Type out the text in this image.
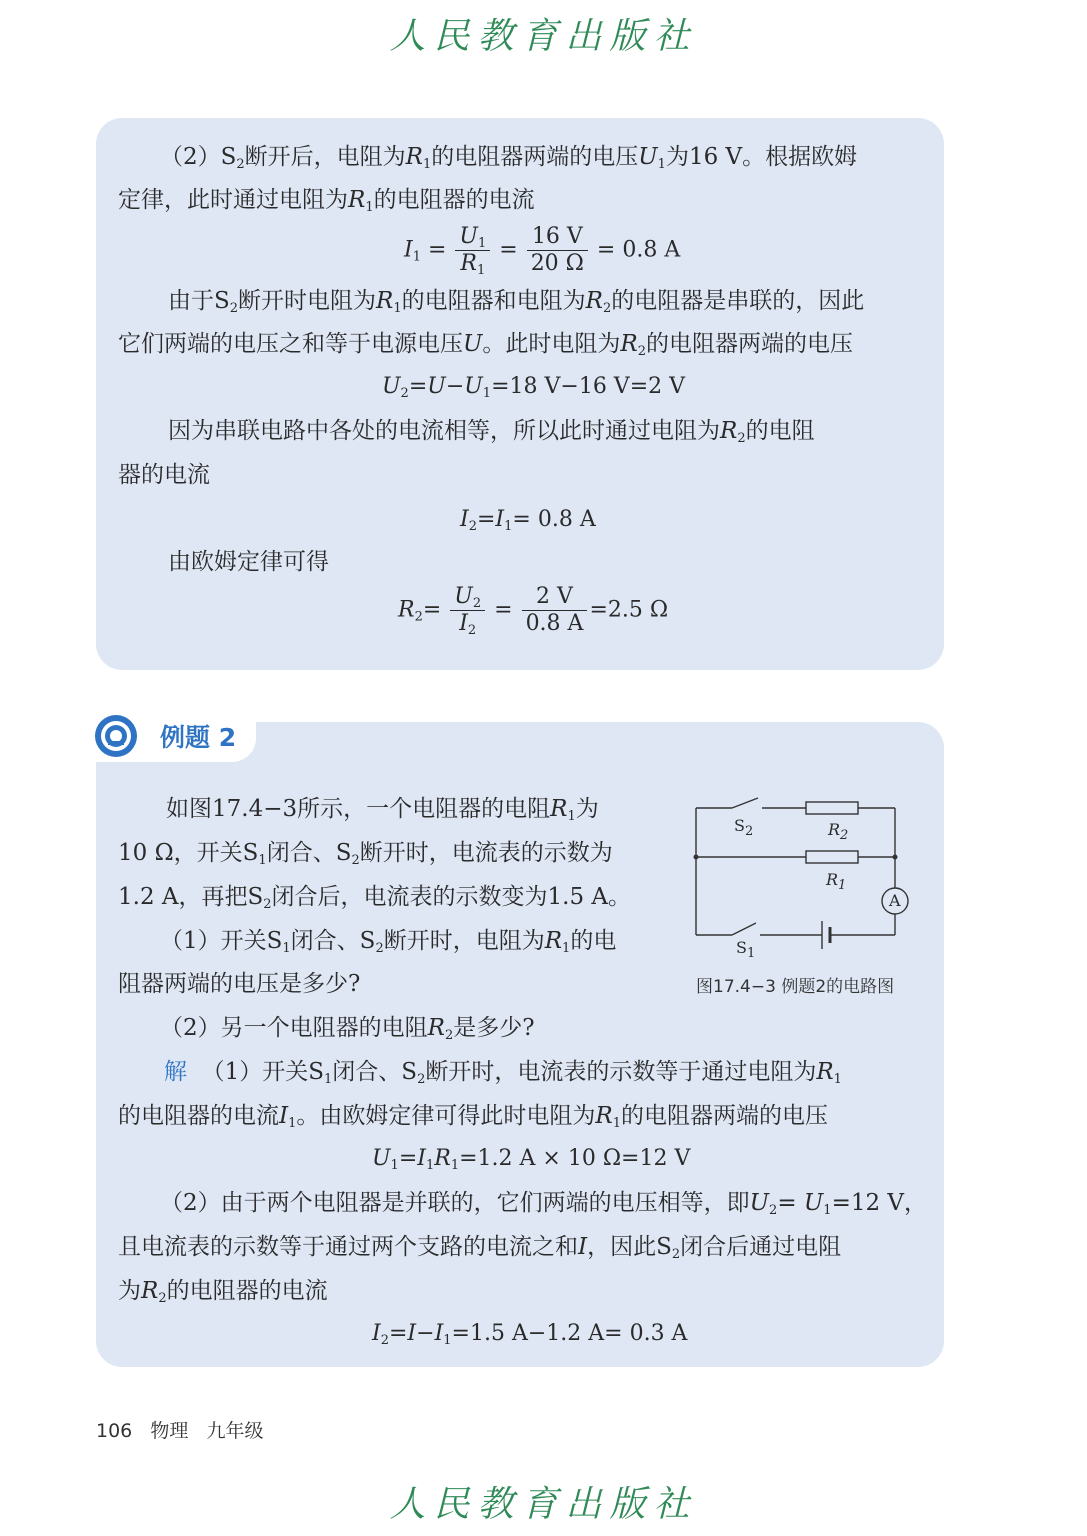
人民教育出版社
$(2)S_2$断开后，电阻为$R_1$的电阻器两端的电压$U_1$为16 V。根据欧姆
定律，此时通过电阻为$R_1$的电阻器的电流
$I_1 = \frac{U_1}{R_1} = \frac{16 V}{20 \Omega} = 0.8$ A
由于$S_2$断开时电阻为$R_1$的电阻器和电阻为$R_2$的电阻器是串联的，因此
它们两端的电压之和等于电源电压U。此时电阻为$R_2$的电阻器两端的电压
$U_2=U-U_1=18$ V−16 V=2 V
因为串联电路中各处的电流相等，所以此时通过电阻为$R_2$的电阻
器的电流
$I_2=I_1= 0.8$ A
由欧姆定律可得
$R_2= \frac{U_2}{I_2} = \frac{2 V}{0.8 A} =2.5$ Ω
例题 2
如图17.4−3所示，一个电阻器的电阻$R_1$为
10 Ω，开关$S_1$闭合、$S_2$断开时，电流表的示数为
1.2 A，再把$S_2$闭合后，电流表的示数变为1.5 A。
（1）开关$S_1$闭合、$S_2$断开时，电阻为$R_1$的电
阻器两端的电压是多少?
（2）另一个电阻器的电阻$R_2$是多少?
$S_2$	$R_2$
$R_1$
A
$S_1$
图17.4−3 例题2的电路图
解 （1）开关$S_1$闭合、$S_2$断开时，电流表的示数等于通过电阻为$R_1$
的电阻器的电流$I_1$。由欧姆定律可得此时电阻为$R_1$的电阻器两端的电压
$U_1=I_1R_1=1.2$ A × 10 Ω=12 V
（2）由于两个电阻器是并联的，它们两端的电压相等，即$U_2= U_1=12$ V，
且电流表的示数等于通过两个支路的电流之和I，因此$S_2$闭合后通过电阻
为$R_2$的电阻器的电流
$I_2=I-I_1=1.5$ A−1.2 A= 0.3 A
106 物理 九年级
人民教育出版社
